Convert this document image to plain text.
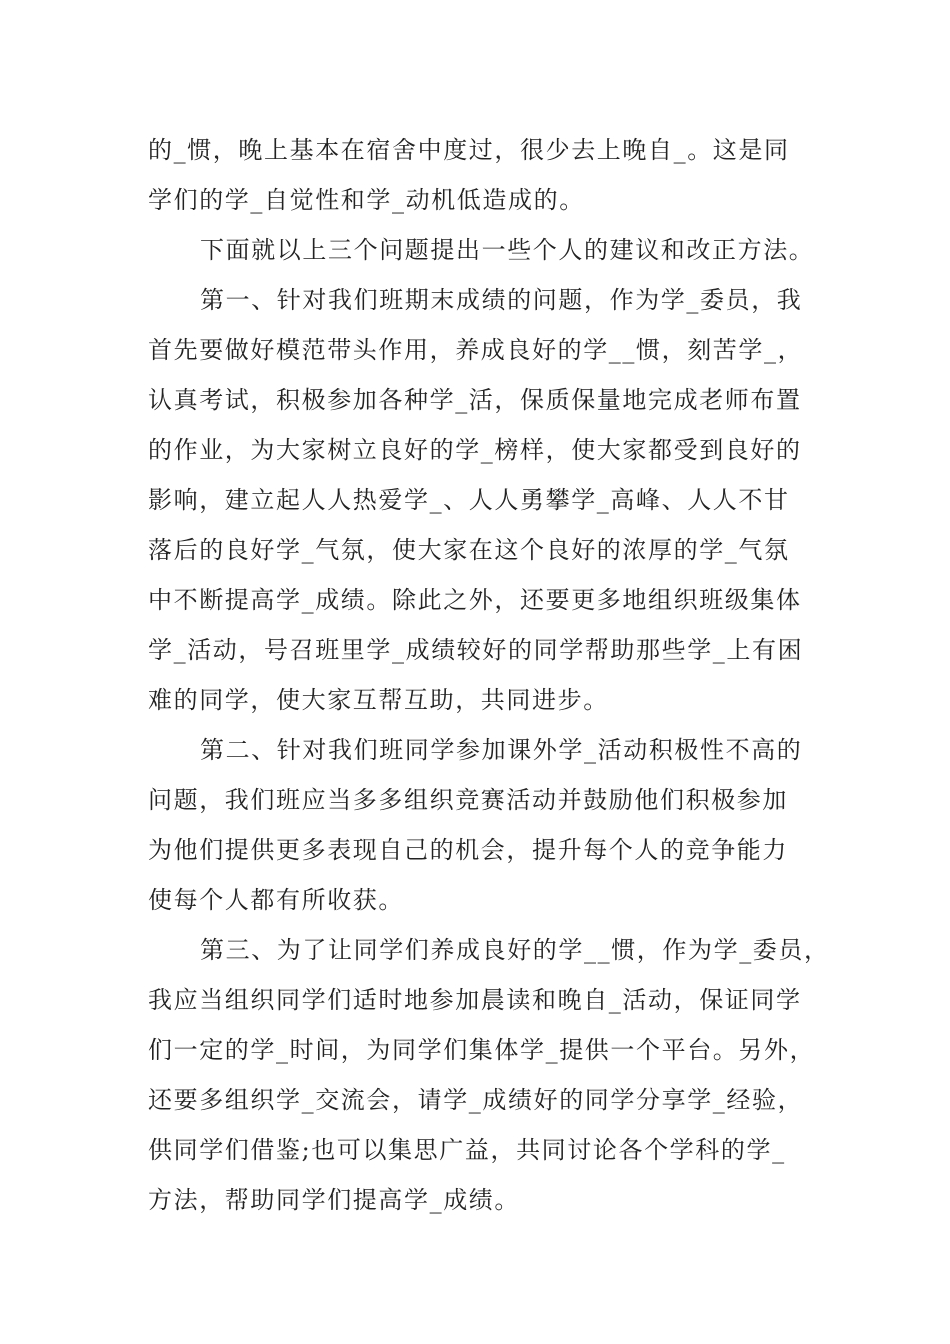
的_惯，晚上基本在宿舍中度过，很少去上晚自_。这是同
学们的学_自觉性和学_动机低造成的。
下面就以上三个问题提出一些个人的建议和改正方法。
第一、针对我们班期末成绩的问题，作为学_委员，我
首先要做好模范带头作用，养成良好的学__惯，刻苦学_，
认真考试，积极参加各种学_活，保质保量地完成老师布置
的作业，为大家树立良好的学_榜样，使大家都受到良好的
影响，建立起人人热爱学_、人人勇攀学_高峰、人人不甘
落后的良好学_气氛，使大家在这个良好的浓厚的学_气氛
中不断提高学_成绩。除此之外，还要更多地组织班级集体
学_活动，号召班里学_成绩较好的同学帮助那些学_上有困
难的同学，使大家互帮互助，共同进步。
第二、针对我们班同学参加课外学_活动积极性不高的
问题，我们班应当多多组织竞赛活动并鼓励他们积极参加
为他们提供更多表现自己的机会，提升每个人的竞争能力
使每个人都有所收获。
第三、为了让同学们养成良好的学__惯，作为学_委员，
我应当组织同学们适时地参加晨读和晚自_活动，保证同学
们一定的学_时间，为同学们集体学_提供一个平台。另外，
还要多组织学_交流会，请学_成绩好的同学分享学_经验，
供同学们借鉴;也可以集思广益，共同讨论各个学科的学_
方法，帮助同学们提高学_成绩。
